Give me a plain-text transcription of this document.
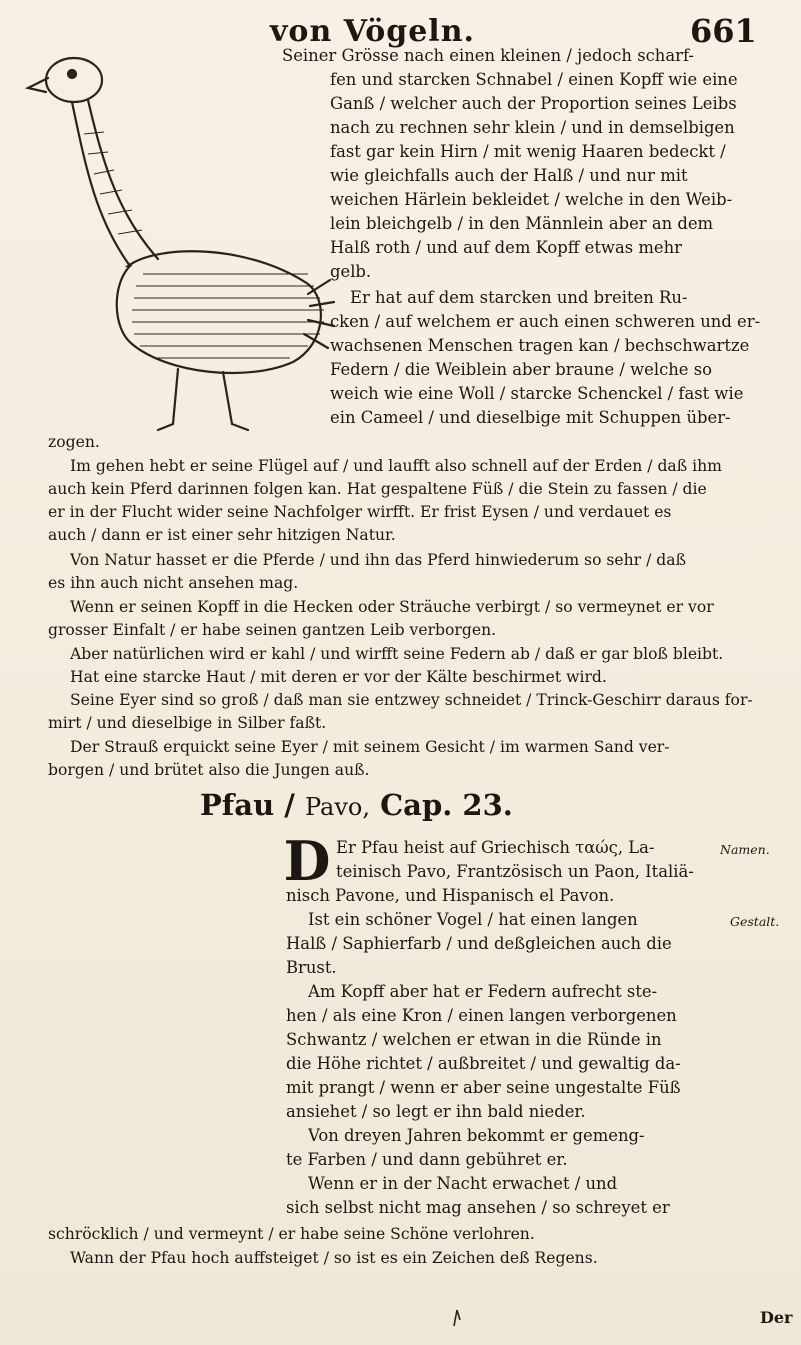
von Vögeln.	661
Seiner Grösse nach einen kleinen / jedoch scharf-
fen und starcken Schnabel / einen Kopff wie eine
Ganß / welcher auch der Proportion seines Leibs
nach zu rechnen sehr klein / und in demselbigen
fast gar kein Hirn / mit wenig Haaren bedeckt /
wie gleichfalls auch der Halß / und nur mit
weichen Härlein bekleidet / welche in den Weib-
lein bleichgelb / in den Männlein aber an dem
Halß roth / und auf dem Kopff etwas mehr
gelb.
Er hat auf dem starcken und breiten Ru-
cken / auf welchem er auch einen schweren und er-
wachsenen Menschen tragen kan / bechschwartze
Federn / die Weiblein aber braune / welche so
weich wie eine Woll / starcke Schenckel / fast wie
ein Cameel / und dieselbige mit Schuppen über-
zogen.
Im gehen hebt er seine Flügel auf / und laufft also schnell auf der Erden / daß ihm
auch kein Pferd darinnen folgen kan. Hat gespaltene Füß / die Stein zu fassen / die
er in der Flucht wider seine Nachfolger wirfft. Er frist Eysen / und verdauet es
auch / dann er ist einer sehr hitzigen Natur.
Von Natur hasset er die Pferde / und ihn das Pferd hinwiederum so sehr / daß
es ihn auch nicht ansehen mag.
Wenn er seinen Kopff in die Hecken oder Sträuche verbirgt / so vermeynet er vor
grosser Einfalt / er habe seinen gantzen Leib verborgen.
Aber natürlichen wird er kahl / und wirfft seine Federn ab / daß er gar bloß bleibt.
Hat eine starcke Haut / mit deren er vor der Kälte beschirmet wird.
Seine Eyer sind so groß / daß man sie entzwey schneidet / Trinck-Geschirr daraus for-
mirt / und dieselbige in Silber faßt.
Der Strauß erquickt seine Eyer / mit seinem Gesicht / im warmen Sand ver-
borgen / und brütet also die Jungen auß.
Pfau / Pavo, Cap. 23.
D Er Pfau heist auf Griechisch ταώς, La-
teinisch Pavo, Frantzösisch un Paon, Italiä-
nisch Pavone, und Hispanisch el Pavon.
Ist ein schöner Vogel / hat einen langen
Halß / Saphierfarb / und deßgleichen auch die
Brust.
Am Kopff aber hat er Federn aufrecht ste-
hen / als eine Kron / einen langen verborgenen
Schwantz / welchen er etwan in die Ründe in
die Höhe richtet / außbreitet / und gewaltig da-
mit prangt / wenn er aber seine ungestalte Füß
ansiehet / so legt er ihn bald nieder.
Von dreyen Jahren bekommt er gemeng-
te Farben / und dann gebühret er.
Wenn er in der Nacht erwachet / und
sich selbst nicht mag ansehen / so schreyet er
schröcklich / und vermeynt / er habe seine Schöne verlohren.
Wann der Pfau hoch auffsteiget / so ist es ein Zeichen deß Regens.
Namen.
Gestalt.
Der
